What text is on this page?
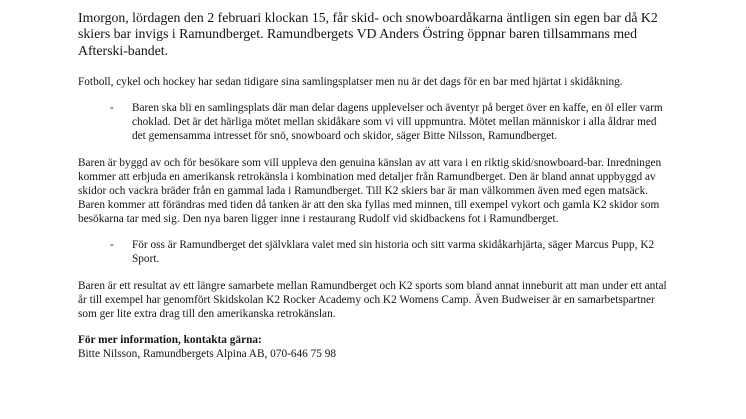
Imorgon, lördagen den 2 februari klockan 15, får skid- och snowboardåkarna äntligen sin egen bar då K2 skiers bar invigs i Ramundberget. Ramundbergets VD Anders Östring öppnar baren tillsammans med Afterski-bandet.

Fotboll, cykel och hockey har sedan tidigare sina samlingsplatser men nu är det dags för en bar med hjärtat i skidåkning.

-	Baren ska bli en samlingsplats där man delar dagens upplevelser och äventyr på berget över en kaffe, en öl eller varm choklad. Det är det härliga mötet mellan skidåkare som vi vill uppmuntra. Mötet mellan människor i alla åldrar med det gemensamma intresset för snö, snowboard och skidor, säger Bitte Nilsson, Ramundberget.

Baren är byggd av och för besökare som vill uppleva den genuina känslan av att vara i en riktig skid/snowboard-bar. Inredningen kommer att erbjuda en amerikansk retrokänsla i kombination med detaljer från Ramundberget. Den är bland annat uppbyggd av skidor och vackra bräder från en gammal lada i Ramundberget. Till K2 skiers bar är man välkommen även med egen matsäck. Baren kommer att förändras med tiden då tanken är att den ska fyllas med minnen, till exempel vykort och gamla K2 skidor som besökarna tar med sig. Den nya baren ligger inne i restaurang Rudolf vid skidbackens fot i Ramundberget.

-	För oss är Ramundberget det självklara valet med sin historia och sitt varma skidåkarhjärta, säger Marcus Pupp, K2 Sport.

Baren är ett resultat av ett längre samarbete mellan Ramundberget och K2 sports som bland annat inneburit att man under ett antal år till exempel har genomfört Skidskolan K2 Rocker Academy och K2 Womens Camp. Även Budweiser är en samarbetspartner som ger lite extra drag till den amerikanska retrokänslan.

För mer information, kontakta gärna:

Bitte Nilsson, Ramundbergets Alpina AB, 070-646 75 98
